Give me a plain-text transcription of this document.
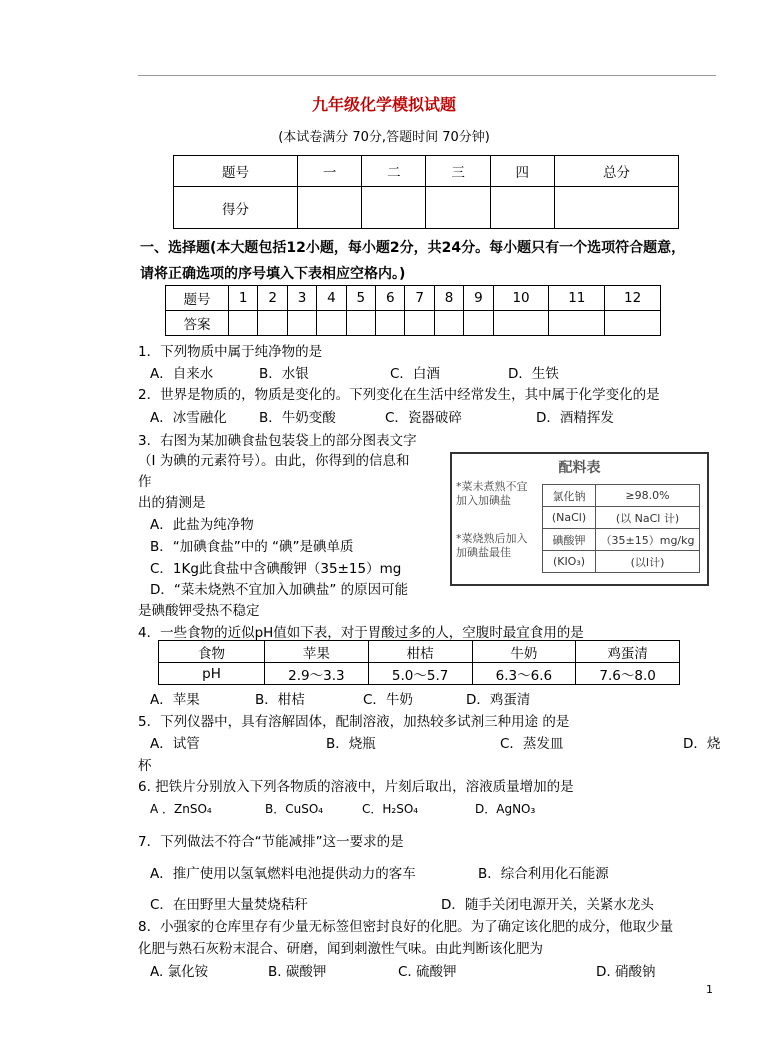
九年级化学模拟试题
(本试卷满分 70分,答题时间 70分钟)
题号	一	二	三	四	总分
得分					
一、选择题(本大题包括12小题，每小题2分，共24分。每小题只有一个选项符合题意，
请将正确选项的序号填入下表相应空格内。)
题号	1	2	3	4	5	6	7	8	9	10	11	12
答案												
1．下列物质中属于纯净物的是
A．自来水	B．水银	C．白酒	D．生铁
2．世界是物质的，物质是变化的。下列变化在生活中经常发生，其中属于化学变化的是
A．冰雪融化 B．牛奶变酸	C．瓷器破碎	D．酒精挥发
3．右图为某加碘食盐包装袋上的部分图表文字
（I 为碘的元素符号）。由此，你得到的信息和
作
出的猜测是
A．此盐为纯净物
B．“加碘食盐”中的 “碘”是碘单质
C．1Kg此食盐中含碘酸钾（35±15）mg
D．“菜未烧熟不宜加入加碘盐” 的原因可能
是碘酸钾受热不稳定
配料表
*菜未煮熟不宜加入加碘盐
*菜烧熟后加入加碘盐最佳
氯化钠	≥98.0%
(NaCl)	(以 NaCl 计)
碘酸钾	（35±15）mg/kg
(KIO₃)	(以I计)
4．一些食物的近似pH值如下表，对于胃酸过多的人，空腹时最宜食用的是
食物	苹果	柑桔	牛奶	鸡蛋清
pH	2.9～3.3	5.0～5.7	6.3～6.6	7.6～8.0
A．苹果	B．柑桔	C．牛奶	D．鸡蛋清
5．下列仪器中，具有溶解固体，配制溶液，加热较多试剂三种用途 的是
A．试管	B．烧瓶	C．蒸发皿	D．烧
杯
6. 把铁片分别放入下列各物质的溶液中，片刻后取出，溶液质量增加的是
A ．ZnSO₄	B．CuSO₄	C．H₂SO₄	D．AgNO₃
7．下列做法不符合“节能减排”这一要求的是
A．推广使用以氢氧燃料电池提供动力的客车	B．综合利用化石能源
C．在田野里大量焚烧秸秆	D．随手关闭电源开关，关紧水龙头
8．小强家的仓库里存有少量无标签但密封良好的化肥。为了确定该化肥的成分，他取少量
化肥与熟石灰粉末混合、研磨，闻到刺激性气味。由此判断该化肥为
A. 氯化铵	B. 碳酸钾	C. 硫酸钾	D. 硝酸钠
1
